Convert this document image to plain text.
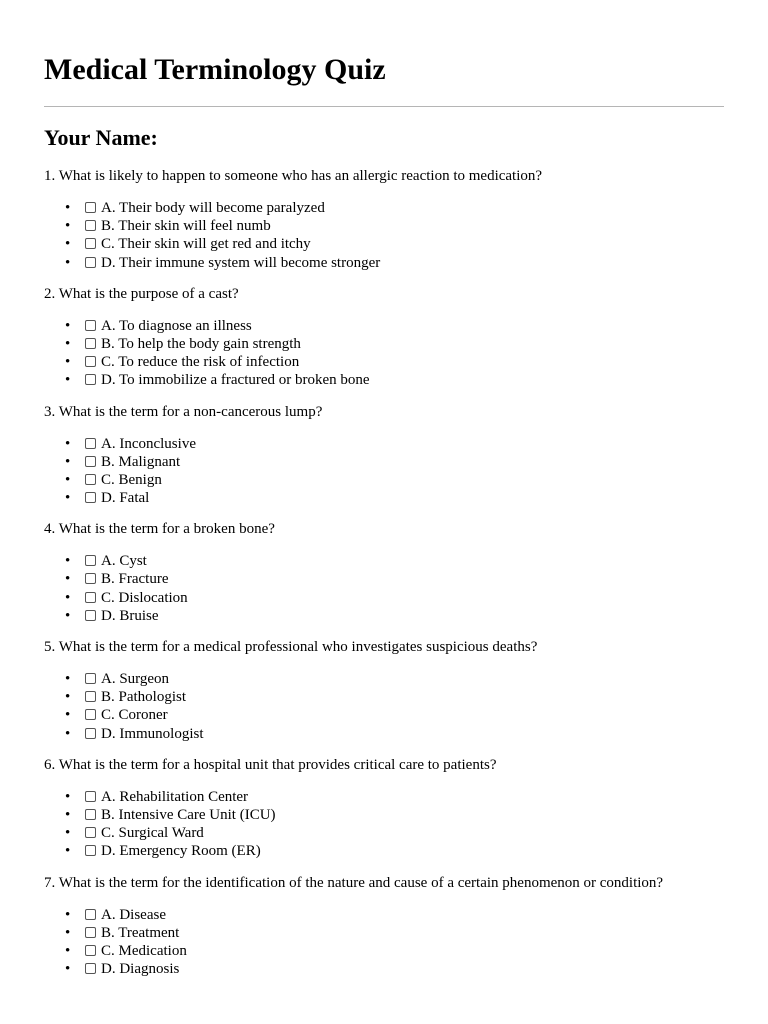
Medical Terminology Quiz
Your Name:

1. What is likely to happen to someone who has an allergic reaction to medication?

• A. Their body will become paralyzed
• B. Their skin will feel numb
• C. Their skin will get red and itchy
• D. Their immune system will become stronger

2. What is the purpose of a cast?

• A. To diagnose an illness
• B. To help the body gain strength
• C. To reduce the risk of infection
• D. To immobilize a fractured or broken bone

3. What is the term for a non-cancerous lump?

• A. Inconclusive
• B. Malignant
• C. Benign
• D. Fatal

4. What is the term for a broken bone?

• A. Cyst
• B. Fracture
• C. Dislocation
• D. Bruise

5. What is the term for a medical professional who investigates suspicious deaths?

• A. Surgeon
• B. Pathologist
• C. Coroner
• D. Immunologist

6. What is the term for a hospital unit that provides critical care to patients?

• A. Rehabilitation Center
• B. Intensive Care Unit (ICU)
• C. Surgical Ward
• D. Emergency Room (ER)

7. What is the term for the identification of the nature and cause of a certain phenomenon or condition?

• A. Disease
• B. Treatment
• C. Medication
• D. Diagnosis
